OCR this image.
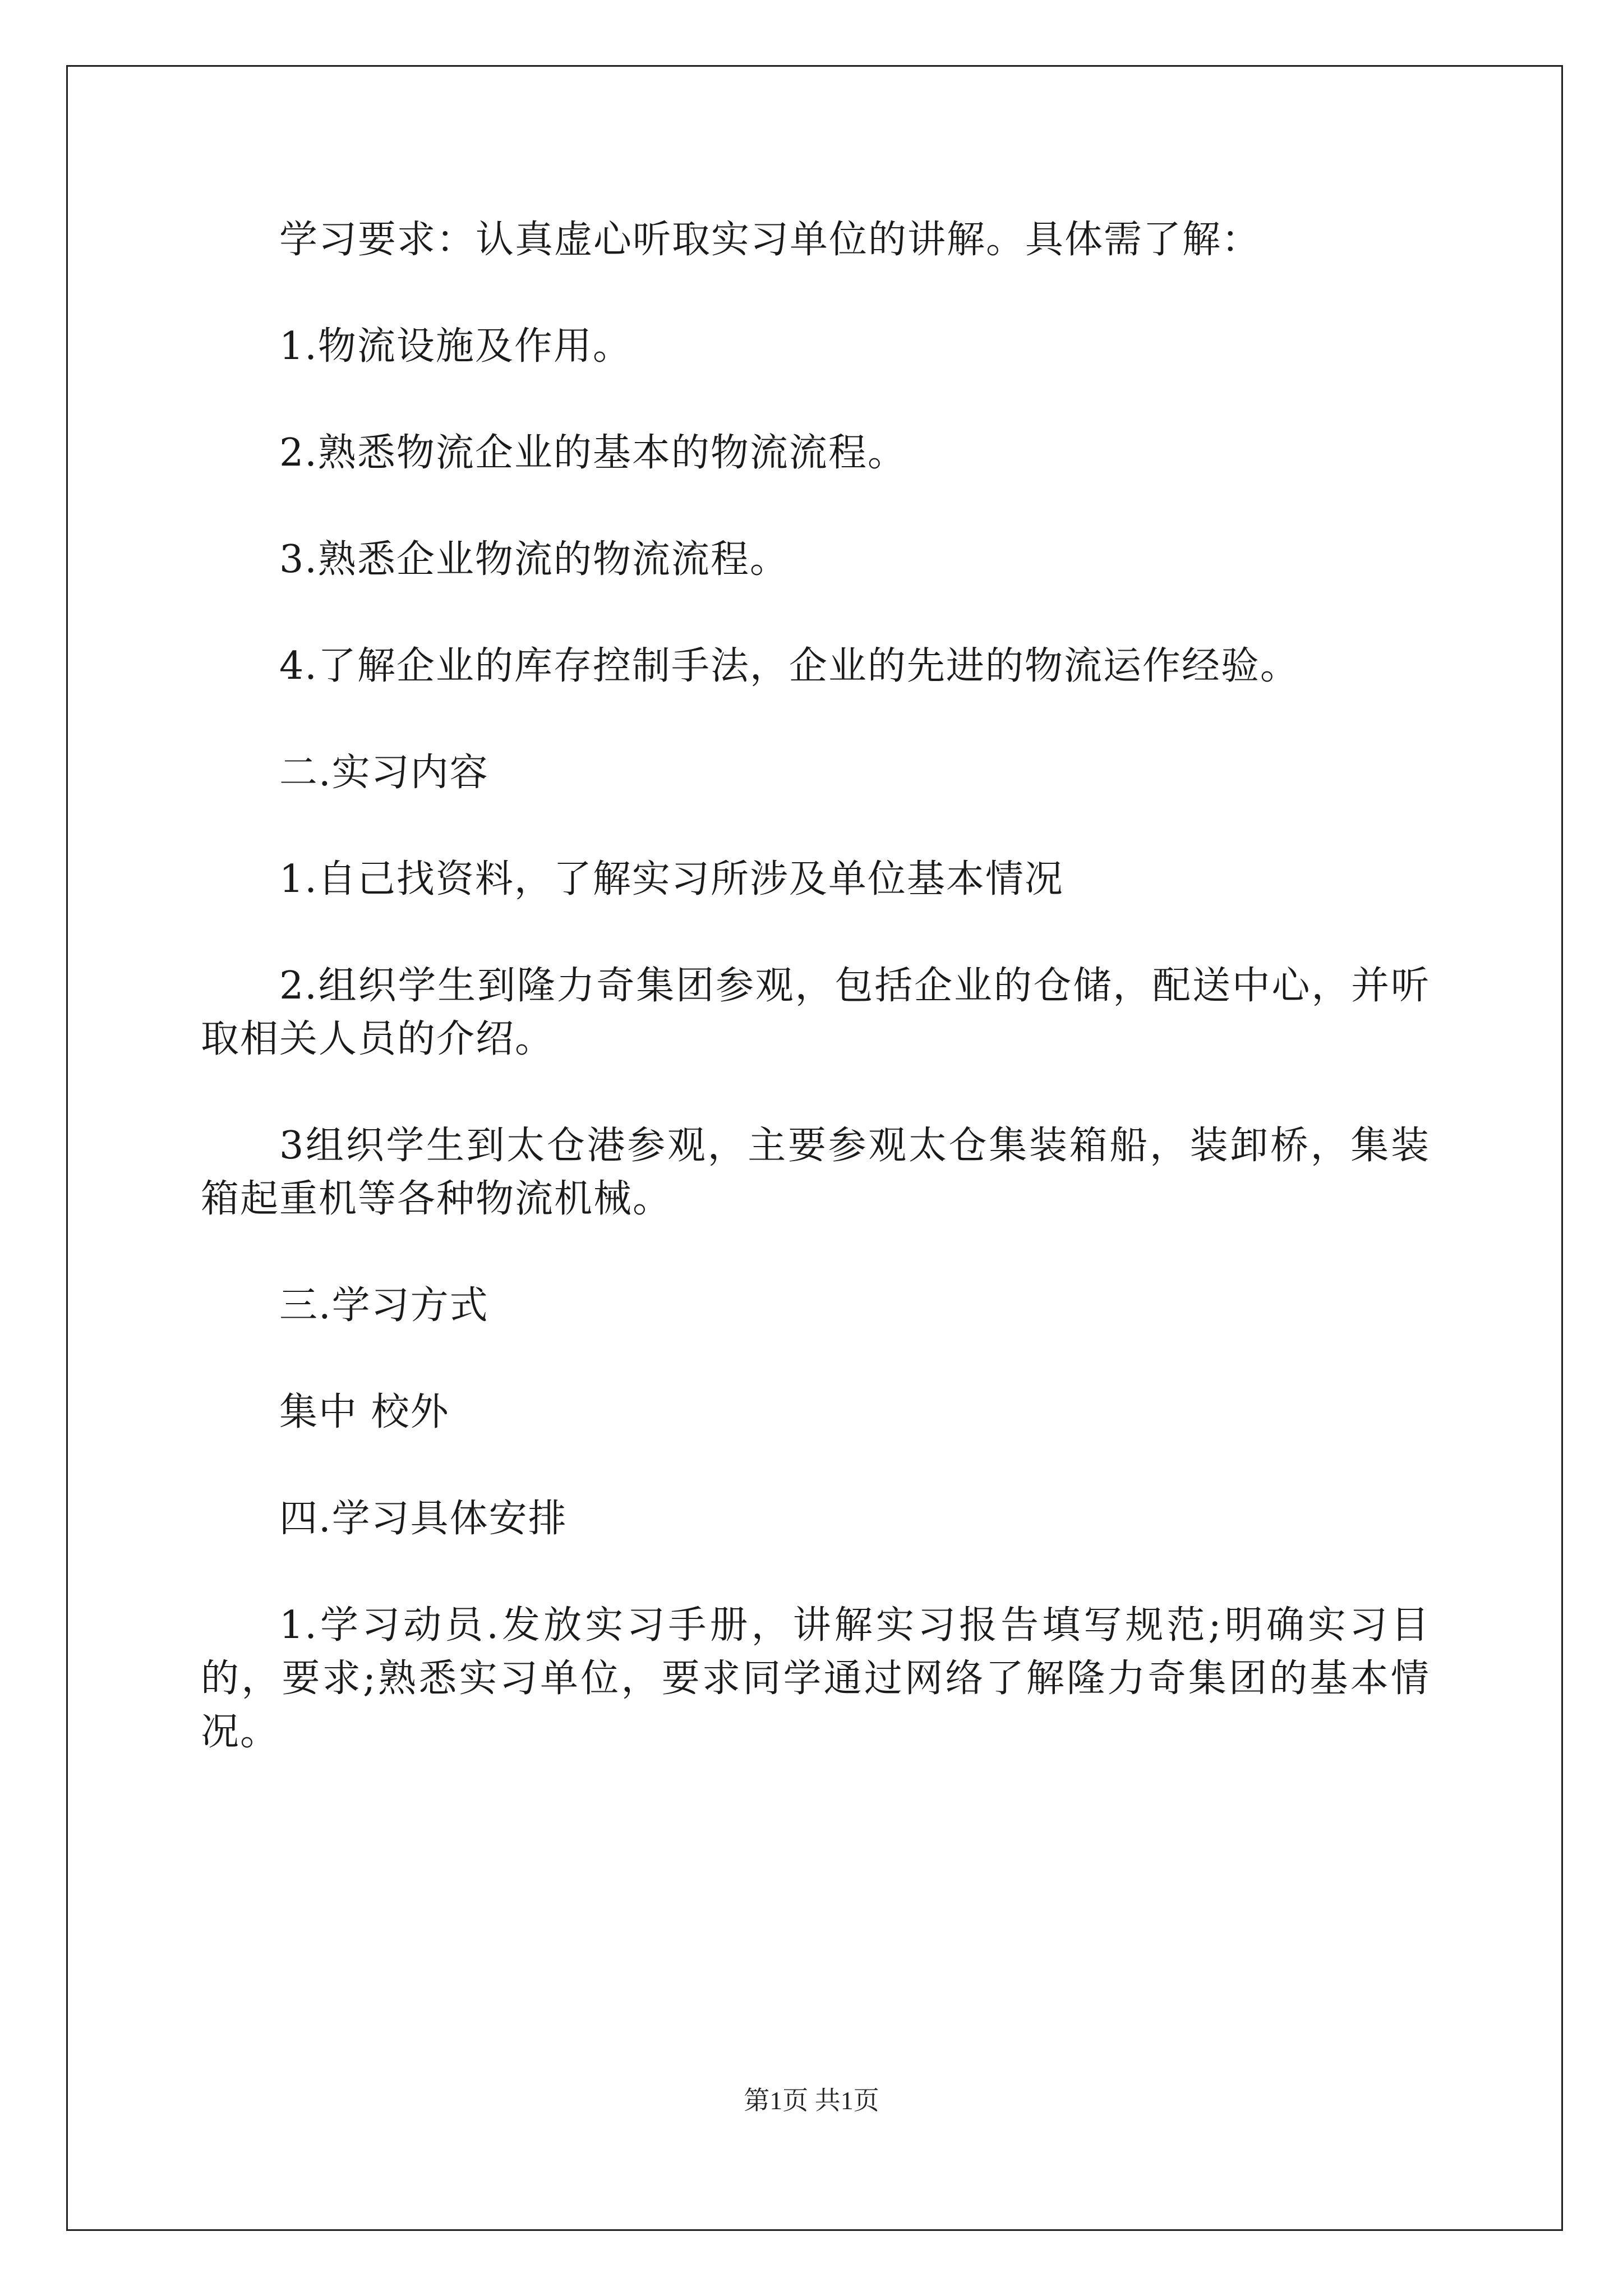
学习要求：认真虚心听取实习单位的讲解。具体需了解：

1.物流设施及作用。

2.熟悉物流企业的基本的物流流程。

3.熟悉企业物流的物流流程。

4.了解企业的库存控制手法，企业的先进的物流运作经验。

二.实习内容

1.自己找资料，了解实习所涉及单位基本情况

2.组织学生到隆力奇集团参观，包括企业的仓储，配送中心，并听取相关人员的介绍。

3组织学生到太仓港参观，主要参观太仓集装箱船，装卸桥，集装箱起重机等各种物流机械。

三.学习方式

集中 校外

四.学习具体安排

1.学习动员.发放实习手册，讲解实习报告填写规范;明确实习目的，要求;熟悉实习单位，要求同学通过网络了解隆力奇集团的基本情况。

第1页 共1页
